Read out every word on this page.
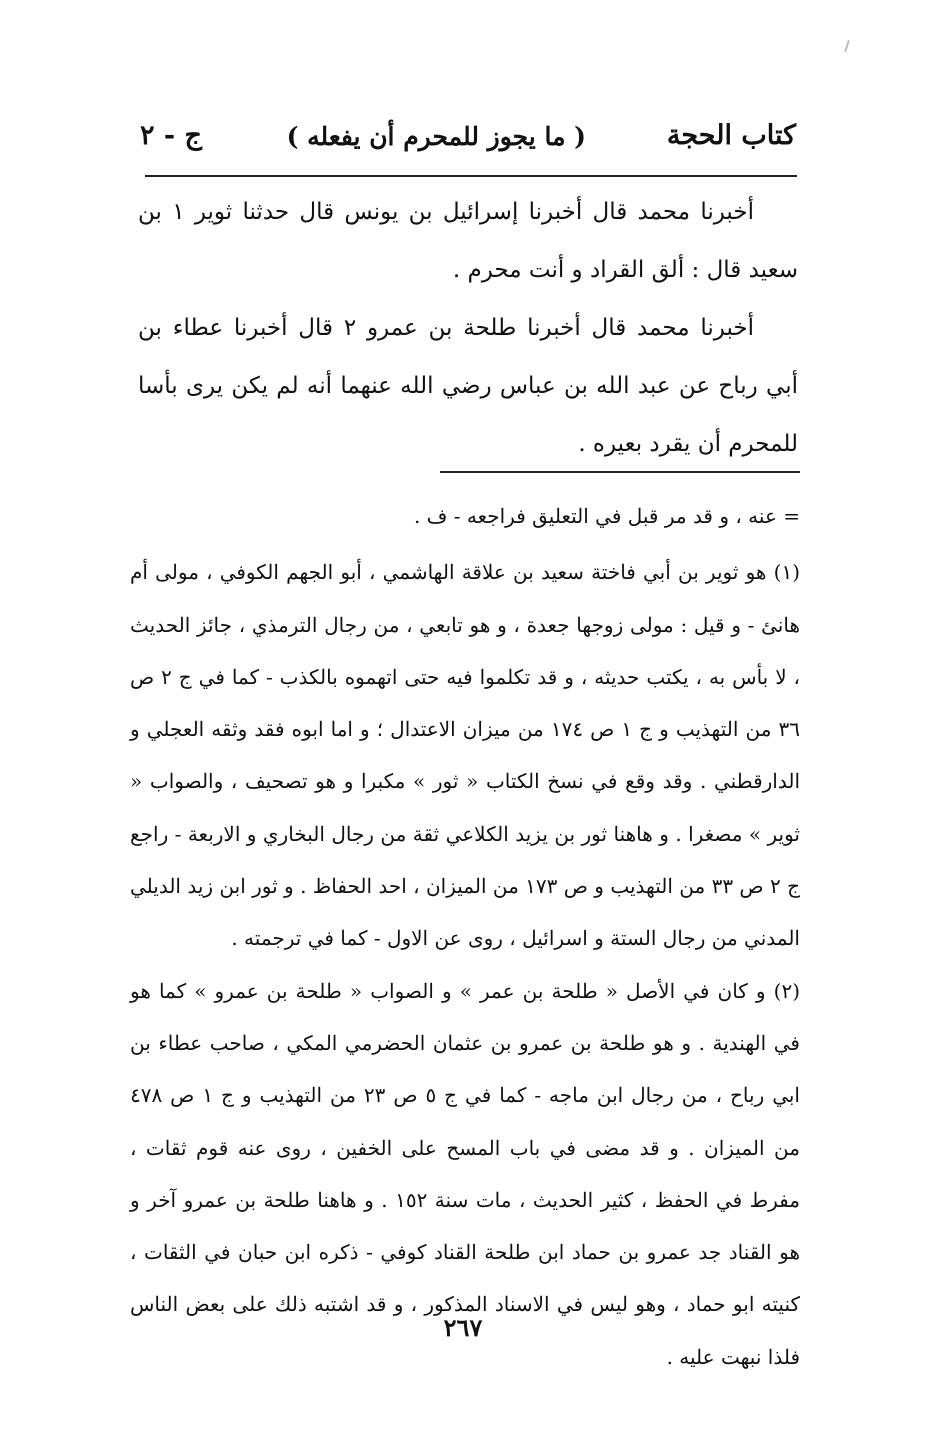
كتاب الحجة
( ما يجوز للمحرم أن يفعله )
ج - ٢

أخبرنا محمد قال أخبرنا إسرائيل بن يونس قال حدثنا ثوير ١ بن سعيد قال : ألق القراد و أنت محرم .

أخبرنا محمد قال أخبرنا طلحة بن عمرو ٢ قال أخبرنا عطاء بن أبي رباح عن عبد الله بن عباس رضي الله عنهما أنه لم يكن يرى بأسا للمحرم أن يقرد بعيره .

= عنه ، و قد مر قبل في التعليق فراجعه - ف .

(١) هو ثوير بن أبي فاختة سعيد بن علاقة الهاشمي ، أبو الجهم الكوفي ، مولى أم هانئ - و قيل : مولى زوجها جعدة ، و هو تابعي ، من رجال الترمذي ، جائز الحديث ، لا بأس به ، يكتب حديثه ، و قد تكلموا فيه حتى اتهموه بالكذب - كما في ج ٢ ص ٣٦ من التهذيب و ج ١ ص ١٧٤ من ميزان الاعتدال ؛ و اما ابوه فقد وثقه العجلي و الدارقطني . وقد وقع في نسخ الكتاب « ثور » مكبرا و هو تصحيف ، والصواب « ثوير » مصغرا . و هاهنا ثور بن يزيد الكلاعي ثقة من رجال البخاري و الاربعة - راجع ج ٢ ص ٣٣ من التهذيب و ص ١٧٣ من الميزان ، احد الحفاظ . و ثور ابن زيد الديلي المدني من رجال الستة و اسرائيل ، روى عن الاول - كما في ترجمته .

(٢) و كان في الأصل « طلحة بن عمر » و الصواب « طلحة بن عمرو » كما هو في الهندية . و هو طلحة بن عمرو بن عثمان الحضرمي المكي ، صاحب عطاء بن ابي رباح ، من رجال ابن ماجه - كما في ج ٥ ص ٢٣ من التهذيب و ج ١ ص ٤٧٨ من الميزان . و قد مضى في باب المسح على الخفين ، روى عنه قوم ثقات ، مفرط في الحفظ ، كثير الحديث ، مات سنة ١٥٢ . و هاهنا طلحة بن عمرو آخر و هو القناد جد عمرو بن حماد ابن طلحة القناد كوفي - ذكره ابن حبان في الثقات ، كنيته ابو حماد ، وهو ليس في الاسناد المذكور ، و قد اشتبه ذلك على بعض الناس فلذا نبهت عليه .

٢٦٧
